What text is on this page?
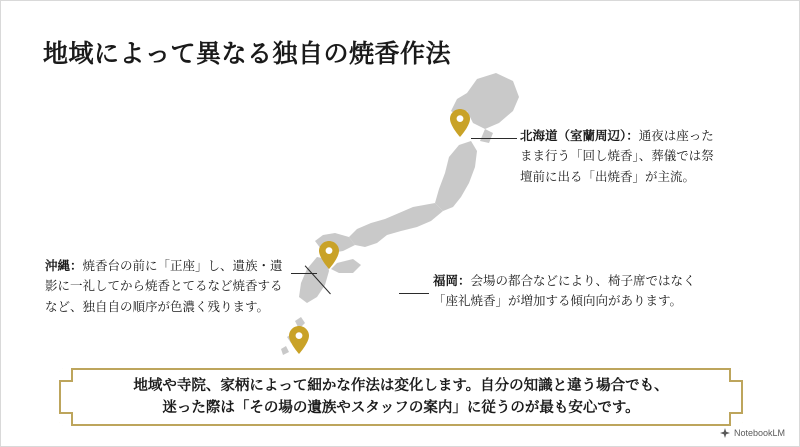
地域によって異なる独自の焼香作法
北海道（室蘭周辺）：通夜は座ったまま行う「回し焼香」、葬儀では祭壇前に出る「出焼香」が主流。
福岡：会場の都合などにより、椅子席ではなく「座礼焼香」が増加する傾向向があります。
沖縄：焼香台の前に「正座」し、遺族・遺影に一礼してから焼香とてるなど焼香するなど、独自自の順序が色濃く残ります。
地域や寺院、家柄によって細かな作法は変化します。自分の知識と違う場合でも、
迷った際は「その場の遺族やスタッフの案内」に従うのが最も安心です。
NotebookLM
